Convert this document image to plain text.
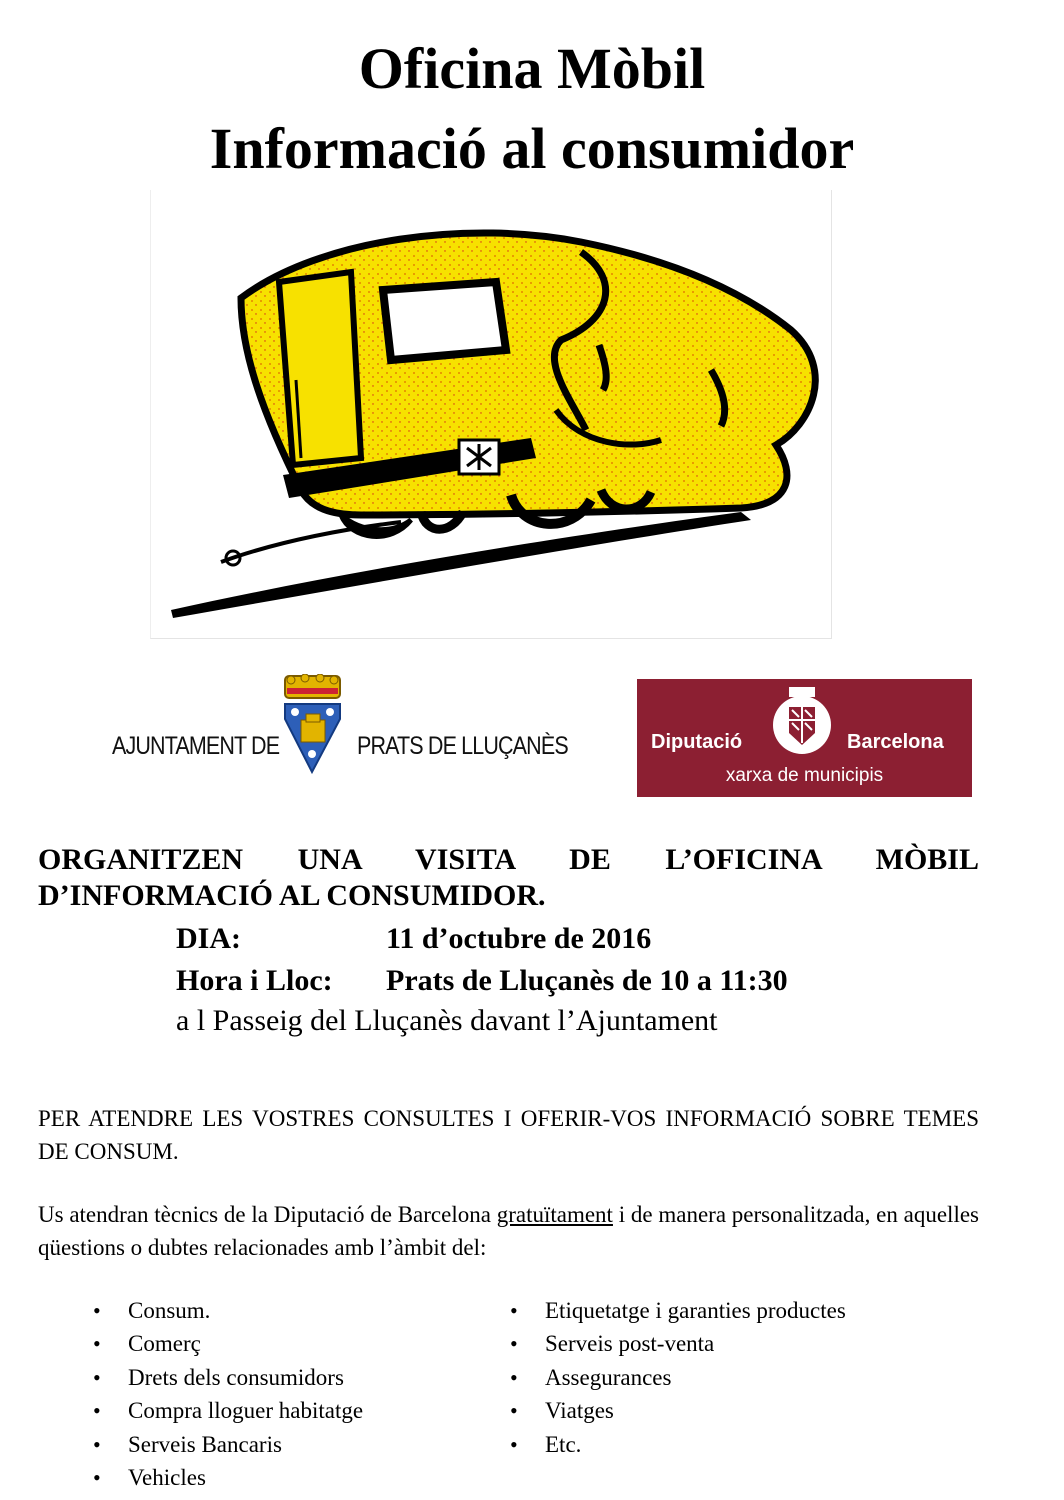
Oficina Mòbil
Informació al consumidor
AJUNTAMENT DE	PRATS DE LLUÇANÈS	Diputació	Barcelona
xarxa de municipis

ORGANITZEN UNA VISITA DE L’OFICINA MÒBIL D’INFORMACIÓ AL CONSUMIDOR.

DIA:	11 d’octubre de 2016
Hora i Lloc: Prats de Lluçanès de 10 a 11:30
a l Passeig del Lluçanès davant l’Ajuntament

PER ATENDRE LES VOSTRES CONSULTES I OFERIR-VOS INFORMACIÓ SOBRE TEMES DE CONSUM.

Us atendran tècnics de la Diputació de Barcelona gratuïtament i de manera personalitzada, en aquelles qüestions o dubtes relacionades amb l’àmbit del:

• Consum.
• Comerç
• Drets dels consumidors
• Compra lloguer habitatge
• Serveis Bancaris
• Vehicles
• Etiquetatge i garanties productes
• Serveis post-venta
• Assegurances
• Viatges
• Etc.
